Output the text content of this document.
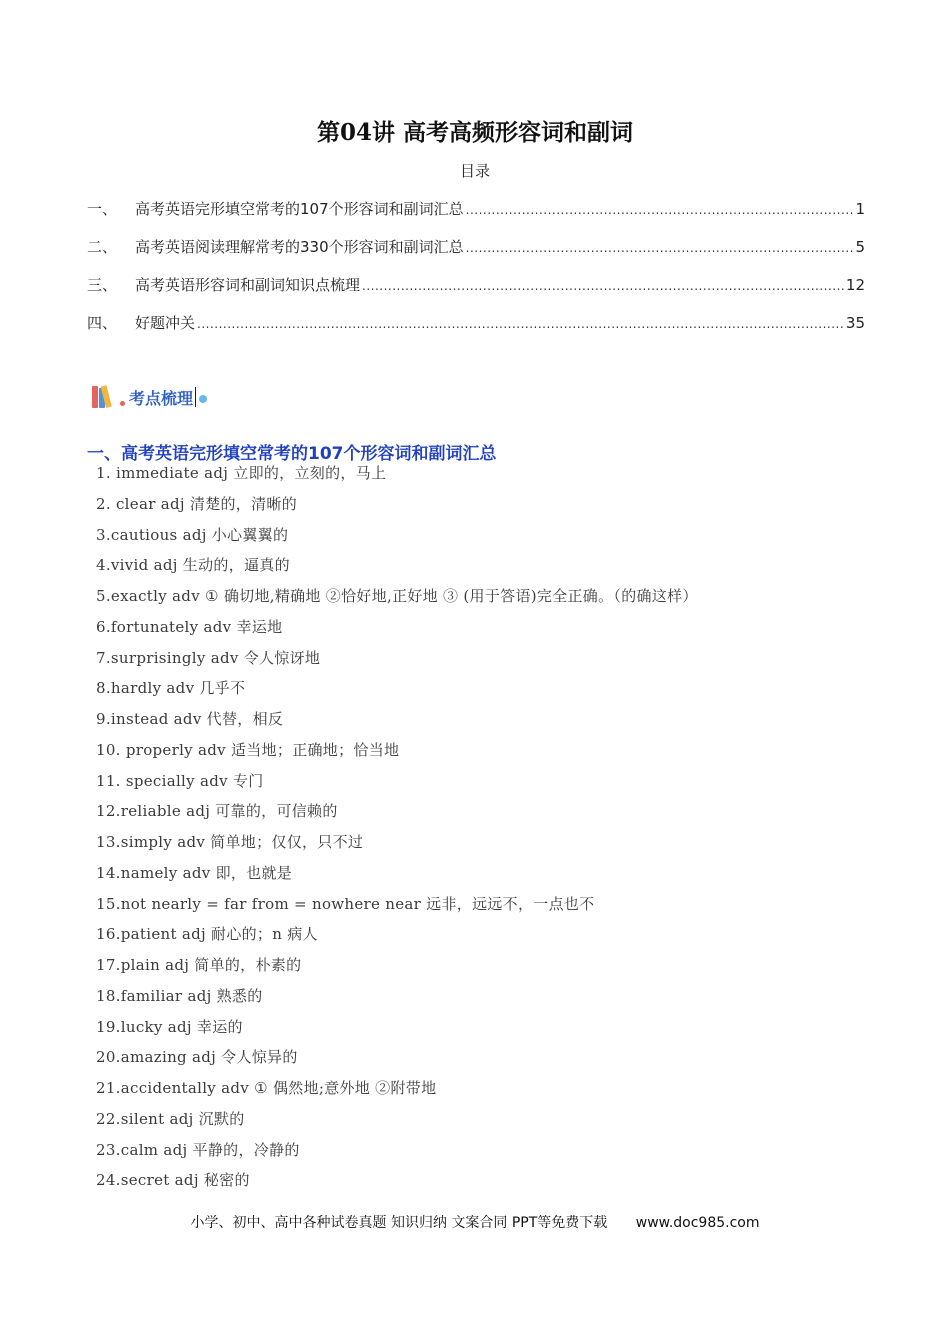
第04讲 高考高频形容词和副词
目录
一、	高考英语完形填空常考的107个形容词和副词汇总 .....	1
二、	高考英语阅读理解常考的330个形容词和副词汇总 .....	5
三、	高考英语形容词和副词知识点梳理 .....	12
四、	好题冲关 .....	35
考点梳理
一、高考英语完形填空常考的107个形容词和副词汇总
1. immediate adj 立即的，立刻的，马上
2. clear adj 清楚的，清晰的
3.cautious adj 小心翼翼的
4.vivid adj 生动的，逼真的
5.exactly adv ① 确切地,精确地 ②恰好地,正好地 ③ (用于答语)完全正确。（的确这样）
6.fortunately adv 幸运地
7.surprisingly adv 令人惊讶地
8.hardly adv 几乎不
9.instead adv 代替，相反
10. properly adv 适当地；正确地；恰当地
11. specially adv 专门
12.reliable adj 可靠的，可信赖的
13.simply adv 简单地；仅仅，只不过
14.namely adv 即，也就是
15.not nearly = far from = nowhere near 远非，远远不，一点也不
16.patient adj 耐心的；n 病人
17.plain adj 简单的，朴素的
18.familiar adj 熟悉的
19.lucky adj 幸运的
20.amazing adj 令人惊异的
21.accidentally adv ① 偶然地;意外地 ②附带地
22.silent adj 沉默的
23.calm adj 平静的，冷静的
24.secret adj 秘密的
小学、初中、高中各种试卷真题 知识归纳 文案合同 PPT等免费下载 www.doc985.com
